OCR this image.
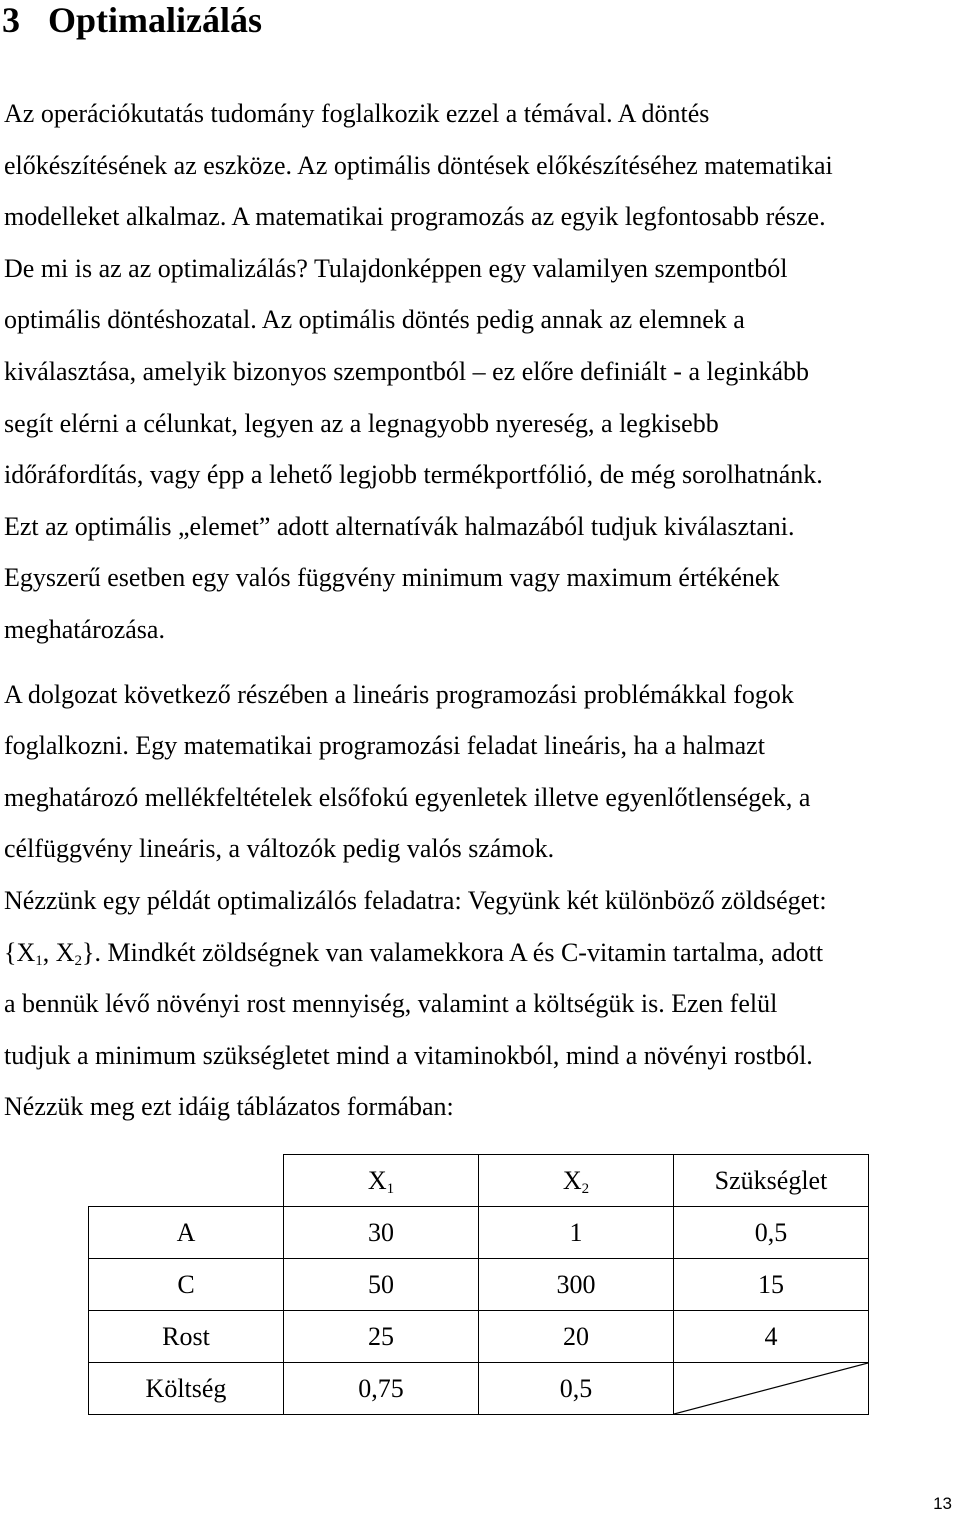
3 Optimalizálás

Az operációkutatás tudomány foglalkozik ezzel a témával. A döntés
előkészítésének az eszköze. Az optimális döntések előkészítéséhez matematikai
modelleket alkalmaz. A matematikai programozás az egyik legfontosabb része.
De mi is az az optimalizálás? Tulajdonképpen egy valamilyen szempontból
optimális döntéshozatal. Az optimális döntés pedig annak az elemnek a
kiválasztása, amelyik bizonyos szempontból – ez előre definiált - a leginkább
segít elérni a célunkat, legyen az a legnagyobb nyereség, a legkisebb
időráfordítás, vagy épp a lehető legjobb termékportfólió, de még sorolhatnánk.
Ezt az optimális „elemet” adott alternatívák halmazából tudjuk kiválasztani.
Egyszerű esetben egy valós függvény minimum vagy maximum értékének
meghatározása.

A dolgozat következő részében a lineáris programozási problémákkal fogok
foglalkozni. Egy matematikai programozási feladat lineáris, ha a halmazt
meghatározó mellékfeltételek elsőfokú egyenletek illetve egyenlőtlenségek, a
célfüggvény lineáris, a változók pedig valós számok.

Nézzünk egy példát optimalizálós feladatra: Vegyünk két különböző zöldséget:
{$X_1$, $X_2$}. Mindkét zöldségnek van valamekkora A és C-vitamin tartalma, adott
a bennük lévő növényi rost mennyiség, valamint a költségük is. Ezen felül
tudjuk a minimum szükségletet mind a vitaminokból, mind a növényi rostból.
Nézzük meg ezt idáig táblázatos formában:

	$X_1$	$X_2$	Szükséglet
A	30	1	0,5
C	50	300	15
Rost	25	20	4
Költség	0,75	0,5	
13
